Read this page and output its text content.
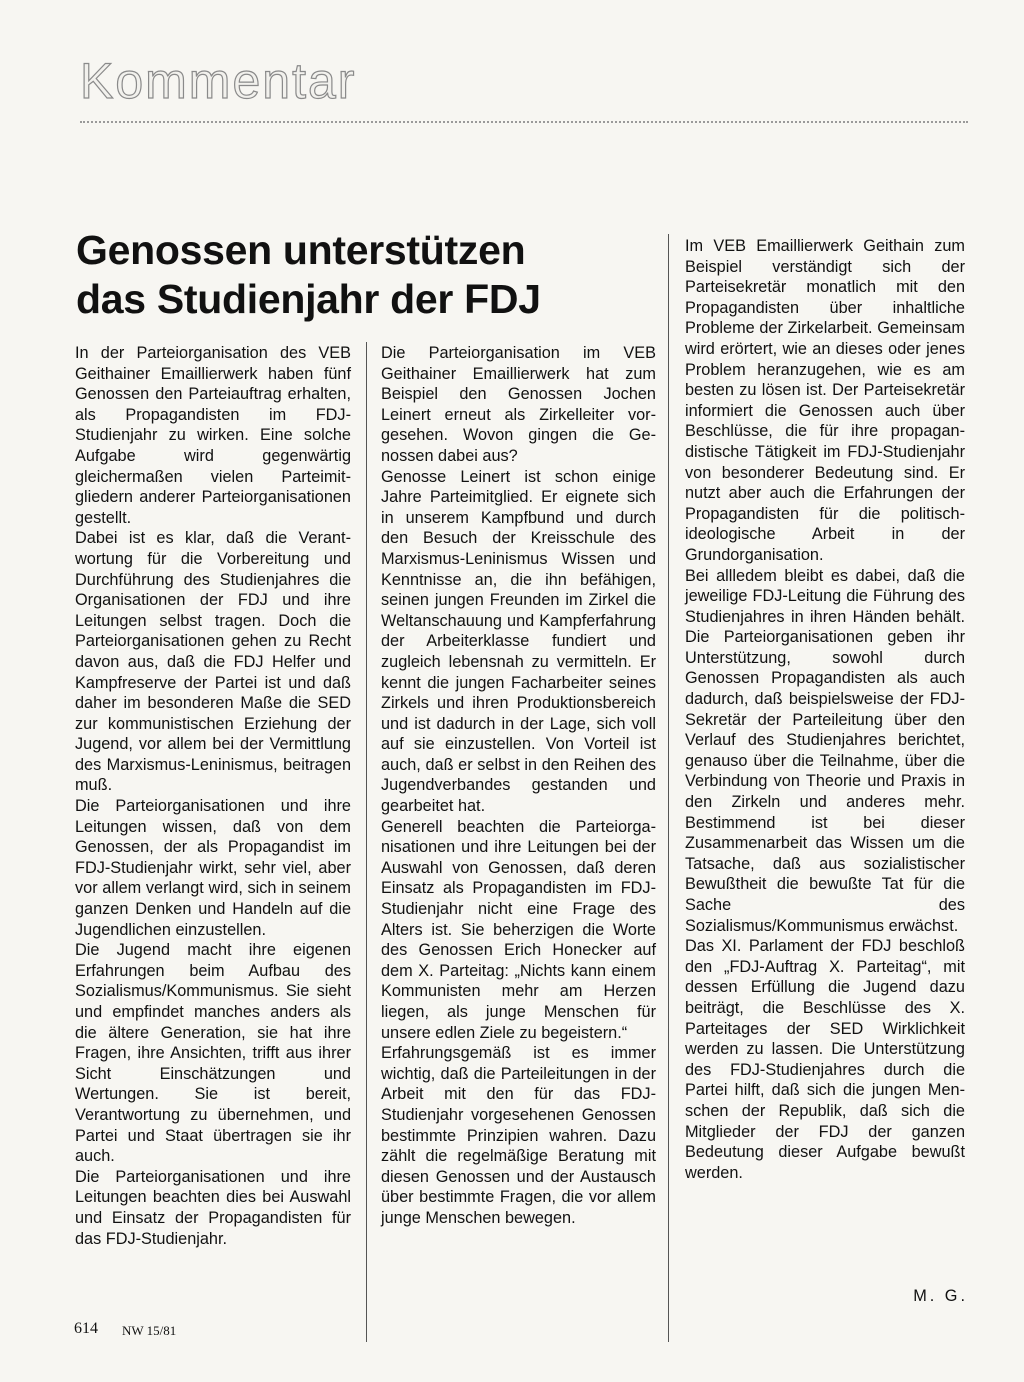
Kommentar
Genossen unterstützen
das Studienjahr der FDJ

In der Parteiorganisation des VEB Geithainer Emaillierwerk haben fünf Genossen den Parteiauftrag erhalten, als Propagandisten im FDJ-Studienjahr zu wirken. Eine solche Aufgabe wird gegenwärtig gleichermaßen vielen Parteimitgliedern anderer Parteiorganisationen gestellt.

Dabei ist es klar, daß die Verantwortung für die Vorbereitung und Durchführung des Studienjahres die Organisationen der FDJ und ihre Leitungen selbst tragen. Doch die Parteiorganisationen gehen zu Recht davon aus, daß die FDJ Helfer und Kampfreserve der Partei ist und daß daher im besonderen Maße die SED zur kommunistischen Erziehung der Jugend, vor allem bei der Vermittlung des Marxismus-Leninismus, beitragen muß.

Die Parteiorganisationen und ihre Leitungen wissen, daß von dem Genossen, der als Propagandist im FDJ-Studienjahr wirkt, sehr viel, aber vor allem verlangt wird, sich in seinem ganzen Denken und Handeln auf die Jugendlichen einzustellen.

Die Jugend macht ihre eigenen Erfahrungen beim Aufbau des Sozialismus/Kommunismus. Sie sieht und empfindet manches anders als die ältere Generation, sie hat ihre Fragen, ihre Ansichten, trifft aus ihrer Sicht Einschätzungen und Wertungen. Sie ist bereit, Verantwortung zu übernehmen, und Partei und Staat übertragen sie ihr auch.

Die Parteiorganisationen und ihre Leitungen beachten dies bei Auswahl und Einsatz der Propagandisten für das FDJ-Studienjahr.

Die Parteiorganisation im VEB Geithainer Emaillierwerk hat zum Beispiel den Genossen Jochen Leinert erneut als Zirkelleiter vorgesehen. Wovon gingen die Genossen dabei aus?

Genosse Leinert ist schon einige Jahre Parteimitglied. Er eignete sich in unserem Kampfbund und durch den Besuch der Kreisschule des Marxismus-Leninismus Wissen und Kenntnisse an, die ihn befähigen, seinen jungen Freunden im Zirkel die Weltanschauung und Kampferfahrung der Arbeiterklasse fundiert und zugleich lebensnah zu vermitteln. Er kennt die jungen Facharbeiter seines Zirkels und ihren Produktionsbereich und ist dadurch in der Lage, sich voll auf sie einzustellen. Von Vorteil ist auch, daß er selbst in den Reihen des Jugendverbandes gestanden und gearbeitet hat.

Generell beachten die Parteiorganisationen und ihre Leitungen bei der Auswahl von Genossen, daß deren Einsatz als Propagandisten im FDJ-Studienjahr nicht eine Frage des Alters ist. Sie beherzigen die Worte des Genossen Erich Honecker auf dem X. Parteitag: „Nichts kann einem Kommunisten mehr am Herzen liegen, als junge Menschen für unsere edlen Ziele zu begeistern.“

Erfahrungsgemäß ist es immer wichtig, daß die Parteileitungen in der Arbeit mit den für das FDJ-Studienjahr vorgesehenen Genossen bestimmte Prinzipien wahren. Dazu zählt die regelmäßige Beratung mit diesen Genossen und der Austausch über bestimmte Fragen, die vor allem junge Menschen bewegen.

Im VEB Emaillierwerk Geithain zum Beispiel verständigt sich der Parteisekretär monatlich mit den Propagandisten über inhaltliche Probleme der Zirkelarbeit. Gemeinsam wird erörtert, wie an dieses oder jenes Problem heranzugehen, wie es am besten zu lösen ist. Der Parteisekretär informiert die Genossen auch über Beschlüsse, die für ihre propagandistische Tätigkeit im FDJ-Studienjahr von besonderer Bedeutung sind. Er nutzt aber auch die Erfahrungen der Propagandisten für die politisch-ideologische Arbeit in der Grundorganisation.

Bei allledem bleibt es dabei, daß die jeweilige FDJ-Leitung die Führung des Studienjahres in ihren Händen behält. Die Parteiorganisationen geben ihr Unterstützung, sowohl durch Genossen Propagandisten als auch dadurch, daß beispielsweise der FDJ-Sekretär der Parteileitung über den Verlauf des Studienjahres berichtet, genauso über die Teilnahme, über die Verbindung von Theorie und Praxis in den Zirkeln und anderes mehr. Bestimmend ist bei dieser Zusammenarbeit das Wissen um die Tatsache, daß aus sozialistischer Bewußtheit die bewußte Tat für die Sache des Sozialismus/Kommunismus erwächst.

Das XI. Parlament der FDJ beschloß den „FDJ-Auftrag X. Parteitag“, mit dessen Erfüllung die Jugend dazu beiträgt, die Beschlüsse des X. Parteitages der SED Wirklichkeit werden zu lassen. Die Unterstützung des FDJ-Studienjahres durch die Partei hilft, daß sich die jungen Menschen der Republik, daß sich die Mitglieder der FDJ der ganzen Bedeutung dieser Aufgabe bewußt werden.

M. G.
614 NW 15/81
